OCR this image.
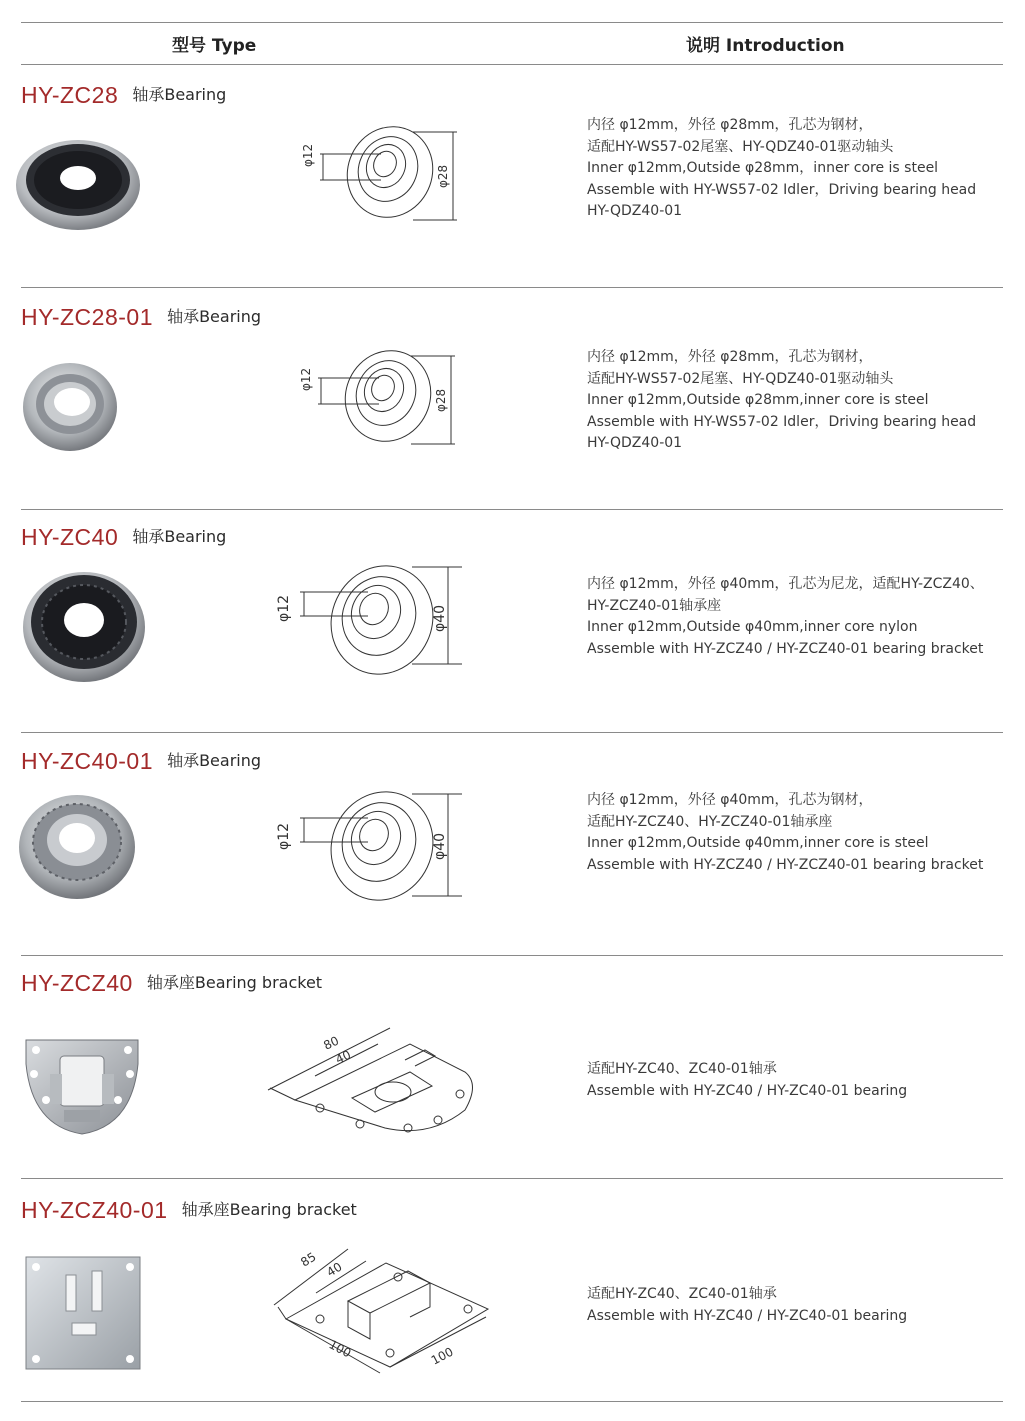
型号 Type	说明 Introduction
HY-ZC28 轴承Bearing
φ12
φ28
内径 φ12mm，外径 φ28mm，孔芯为钢材，
适配HY-WS57-02尾塞、HY-QDZ40-01驱动轴头
Inner φ12mm,Outside φ28mm，inner core is steel
Assemble with HY-WS57-02 Idler，Driving bearing head
HY-QDZ40-01
HY-ZC28-01 轴承Bearing
φ12
φ28
内径 φ12mm，外径 φ28mm，孔芯为钢材，
适配HY-WS57-02尾塞、HY-QDZ40-01驱动轴头
Inner φ12mm,Outside φ28mm,inner core is steel
Assemble with HY-WS57-02 Idler，Driving bearing head
HY-QDZ40-01
HY-ZC40 轴承Bearing
φ12	φ40
内径 φ12mm，外径 φ40mm，孔芯为尼龙，适配HY-ZCZ40、
HY-ZCZ40-01轴承座
Inner φ12mm,Outside φ40mm,inner core nylon
Assemble with HY-ZCZ40 / HY-ZCZ40-01 bearing bracket
HY-ZC40-01 轴承Bearing
φ12	φ40
内径 φ12mm，外径 φ40mm，孔芯为钢材，
适配HY-ZCZ40、HY-ZCZ40-01轴承座
Inner φ12mm,Outside φ40mm,inner core is steel
Assemble with HY-ZCZ40 / HY-ZCZ40-01 bearing bracket
HY-ZCZ40 轴承座Bearing bracket
80
40
适配HY-ZC40、ZC40-01轴承
Assemble with HY-ZC40 / HY-ZC40-01 bearing
HY-ZCZ40-01 轴承座Bearing bracket
85
40
100	100
适配HY-ZC40、ZC40-01轴承
Assemble with HY-ZC40 / HY-ZC40-01 bearing
